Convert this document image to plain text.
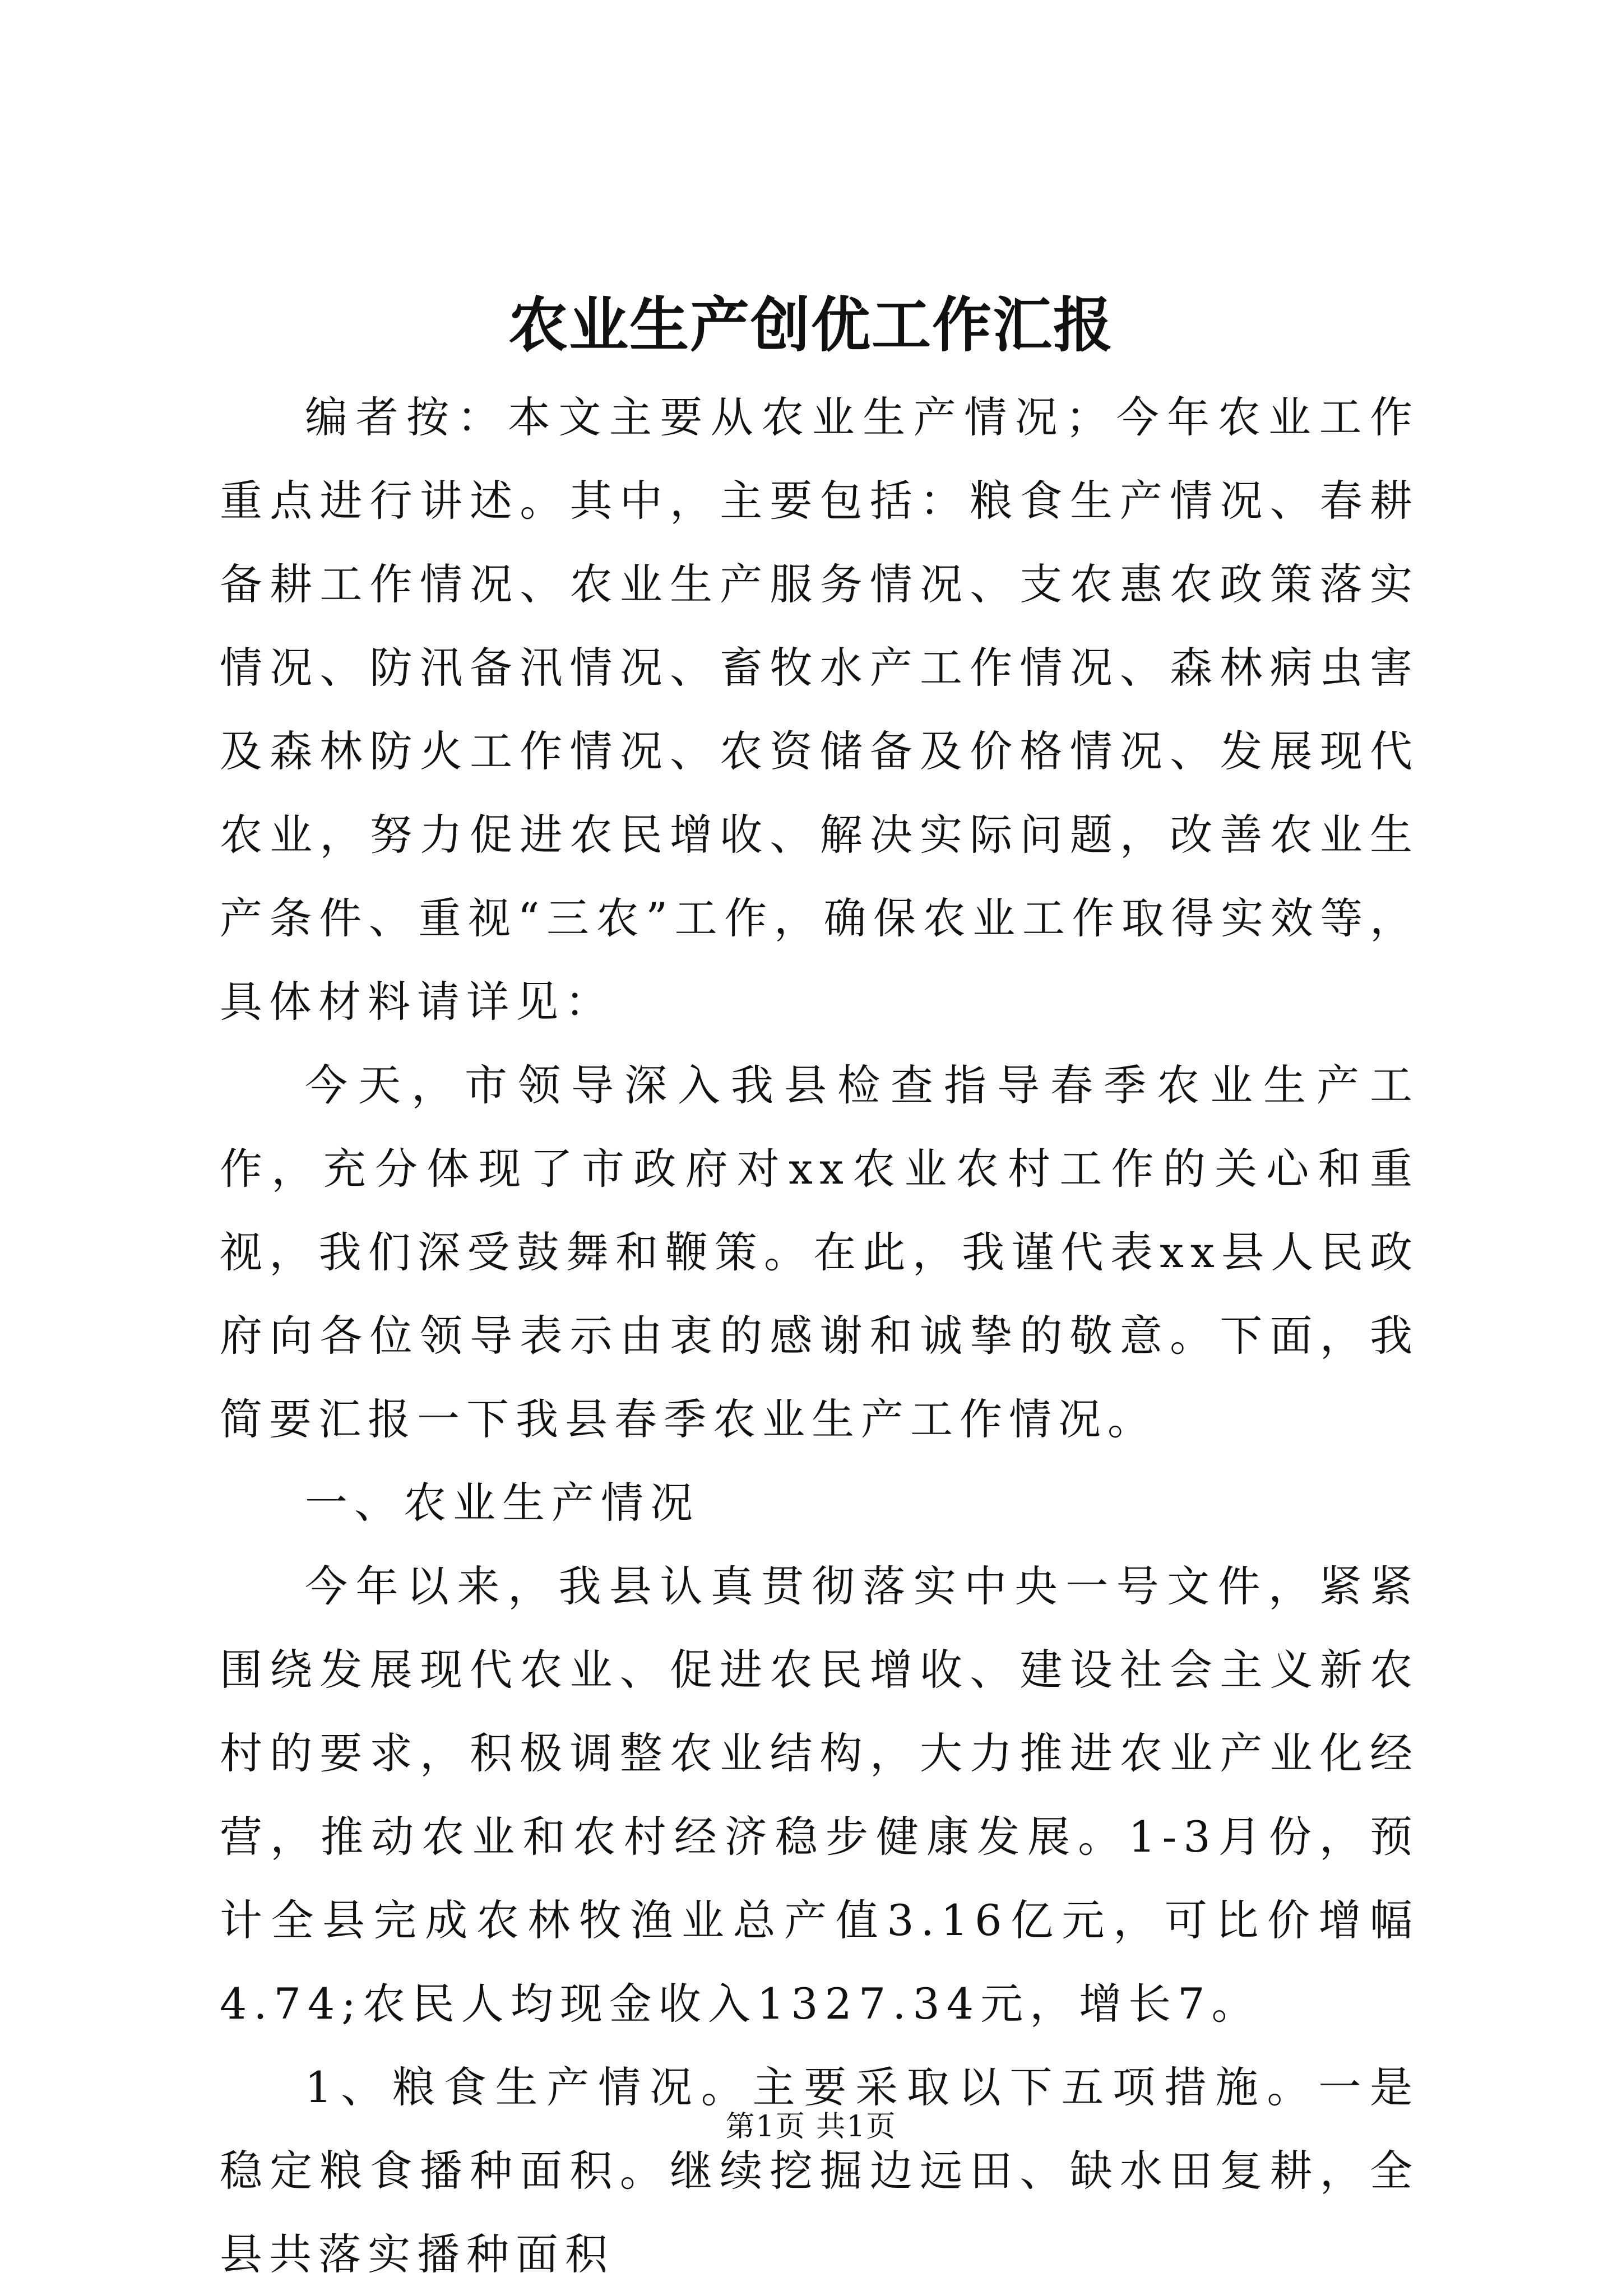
农业生产创优工作汇报

编者按：本文主要从农业生产情况；今年农业工作重点进行讲述。其中，主要包括：粮食生产情况、春耕备耕工作情况、农业生产服务情况、支农惠农政策落实情况、防汛备汛情况、畜牧水产工作情况、森林病虫害及森林防火工作情况、农资储备及价格情况、发展现代农业，努力促进农民增收、解决实际问题，改善农业生产条件、重视“三农”工作，确保农业工作取得实效等，具体材料请详见：

今天，市领导深入我县检查指导春季农业生产工作，充分体现了市政府对xx农业农村工作的关心和重视，我们深受鼓舞和鞭策。在此，我谨代表xx县人民政府向各位领导表示由衷的感谢和诚挚的敬意。下面，我简要汇报一下我县春季农业生产工作情况。

一、农业生产情况

今年以来，我县认真贯彻落实中央一号文件，紧紧围绕发展现代农业、促进农民增收、建设社会主义新农村的要求，积极调整农业结构，大力推进农业产业化经营，推动农业和农村经济稳步健康发展。1-3月份，预计全县完成农林牧渔业总产值3.16亿元，可比价增幅4.74;农民人均现金收入1327.34元，增长7。

1、粮食生产情况。主要采取以下五项措施。一是稳定粮食播种面积。继续挖掘边远田、缺水田复耕，全县共落实播种面积

第1页 共1页
